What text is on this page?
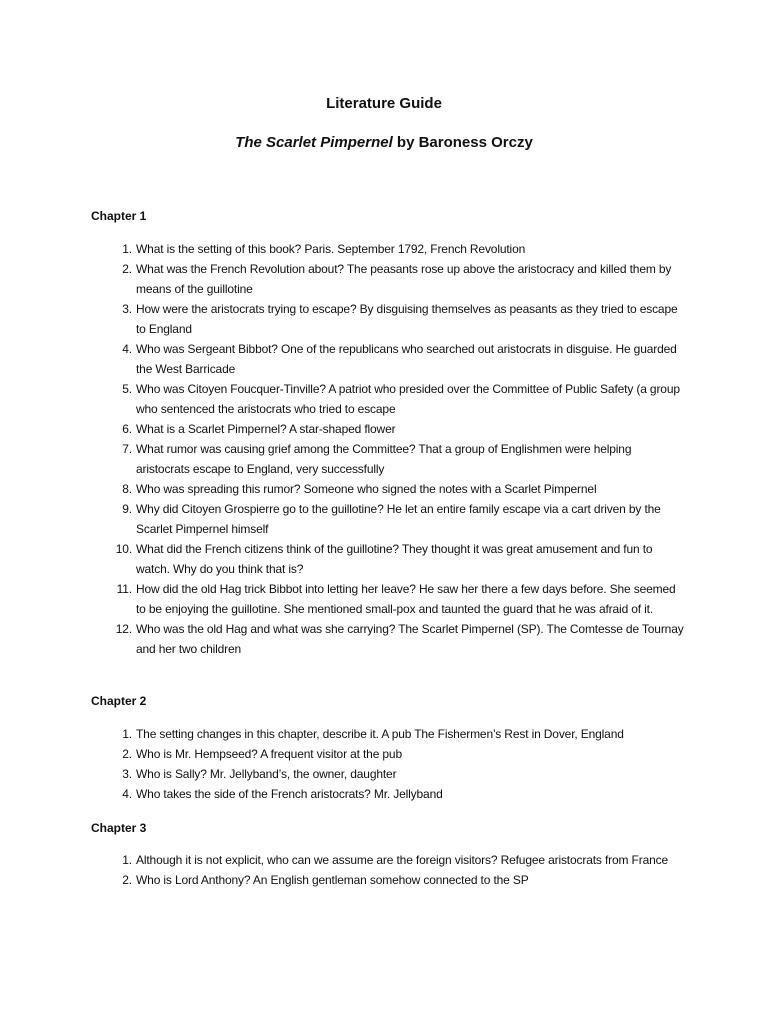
Literature Guide
The Scarlet Pimpernel by Baroness Orczy
Chapter 1
1. What is the setting of this book? Paris. September 1792, French Revolution
2. What was the French Revolution about? The peasants rose up above the aristocracy and killed them by means of the guillotine
3. How were the aristocrats trying to escape? By disguising themselves as peasants as they tried to escape to England
4. Who was Sergeant Bibbot? One of the republicans who searched out aristocrats in disguise. He guarded the West Barricade
5. Who was Citoyen Foucquer-Tinville? A patriot who presided over the Committee of Public Safety (a group who sentenced the aristocrats who tried to escape
6. What is a Scarlet Pimpernel? A star-shaped flower
7. What rumor was causing grief among the Committee? That a group of Englishmen were helping aristocrats escape to England, very successfully
8. Who was spreading this rumor? Someone who signed the notes with a Scarlet Pimpernel
9. Why did Citoyen Grospierre go to the guillotine? He let an entire family escape via a cart driven by the Scarlet Pimpernel himself
10. What did the French citizens think of the guillotine? They thought it was great amusement and fun to watch. Why do you think that is?
11. How did the old Hag trick Bibbot into letting her leave? He saw her there a few days before. She seemed to be enjoying the guillotine. She mentioned small-pox and taunted the guard that he was afraid of it.
12. Who was the old Hag and what was she carrying? The Scarlet Pimpernel (SP). The Comtesse de Tournay and her two children
Chapter 2
1. The setting changes in this chapter, describe it. A pub The Fishermen’s Rest in Dover, England
2. Who is Mr. Hempseed? A frequent visitor at the pub
3. Who is Sally? Mr. Jellyband’s, the owner, daughter
4. Who takes the side of the French aristocrats? Mr. Jellyband
Chapter 3
1. Although it is not explicit, who can we assume are the foreign visitors? Refugee aristocrats from France
2. Who is Lord Anthony? An English gentleman somehow connected to the SP
